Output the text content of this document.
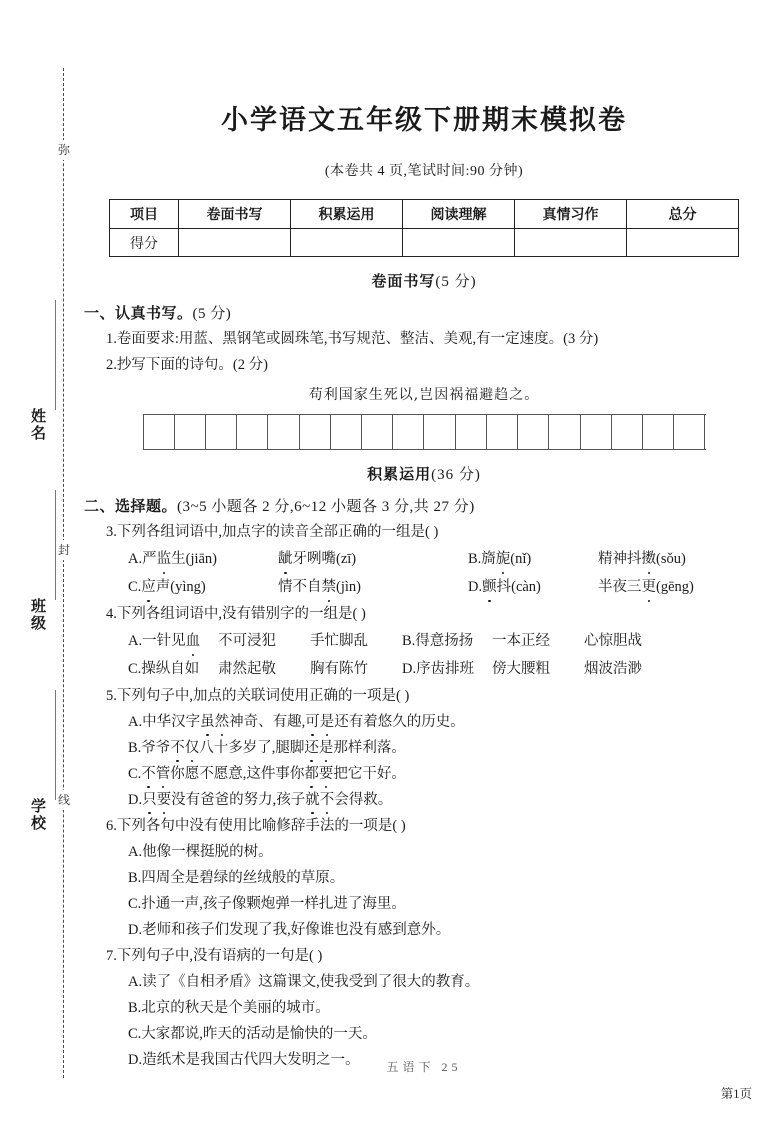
弥
封
线
姓名
班级
学校
小学语文五年级下册期末模拟卷
(本卷共 4 页,笔试时间:90 分钟)
项目	卷面书写	积累运用	阅读理解	真情习作	总分
得分					
卷面书写(5 分)
一、认真书写。(5 分)
1.卷面要求:用蓝、黑钢笔或圆珠笔,书写规范、整洁、美观,有一定速度。(3 分)
2.抄写下面的诗句。(2 分)
苟利国家生死以,岂因祸福避趋之。
积累运用(36 分)
二、选择题。(3~5 小题各 2 分,6~12 小题各 3 分,共 27 分)
3.下列各组词语中,加点字的读音全部正确的一组是( )
A.严监生(jiān)	龇牙咧嘴(zī)	B.旖旎(nǐ)	精神抖擞(sǒu)
C.应声(yìng)	情不自禁(jìn)	D.颤抖(càn)	半夜三更(gēng)
4.下列各组词语中,没有错别字的一组是( )
A.一针见血	不可浸犯	手忙脚乱	B.得意扬扬	一本正经	心惊胆战
C.操纵自如	肃然起敬	胸有陈竹	D.序齿排班	傍大腰粗	烟波浩渺
5.下列句子中,加点的关联词使用正确的一项是( )
A.中华汉字虽然神奇、有趣,可是还有着悠久的历史。
B.爷爷不仅八十多岁了,腿脚还是那样利落。
C.不管你愿不愿意,这件事你都要把它干好。
D.只要没有爸爸的努力,孩子就不会得救。
6.下列各句中没有使用比喻修辞手法的一项是( )
A.他像一棵挺脱的树。
B.四周全是碧绿的丝绒般的草原。
C.扑通一声,孩子像颗炮弹一样扎进了海里。
D.老师和孩子们发现了我,好像谁也没有感到意外。
7.下列句子中,没有语病的一句是( )
A.读了《自相矛盾》这篇课文,使我受到了很大的教育。
B.北京的秋天是个美丽的城市。
C.大家都说,昨天的活动是愉快的一天。
D.造纸术是我国古代四大发明之一。	五语下 25
第1页
